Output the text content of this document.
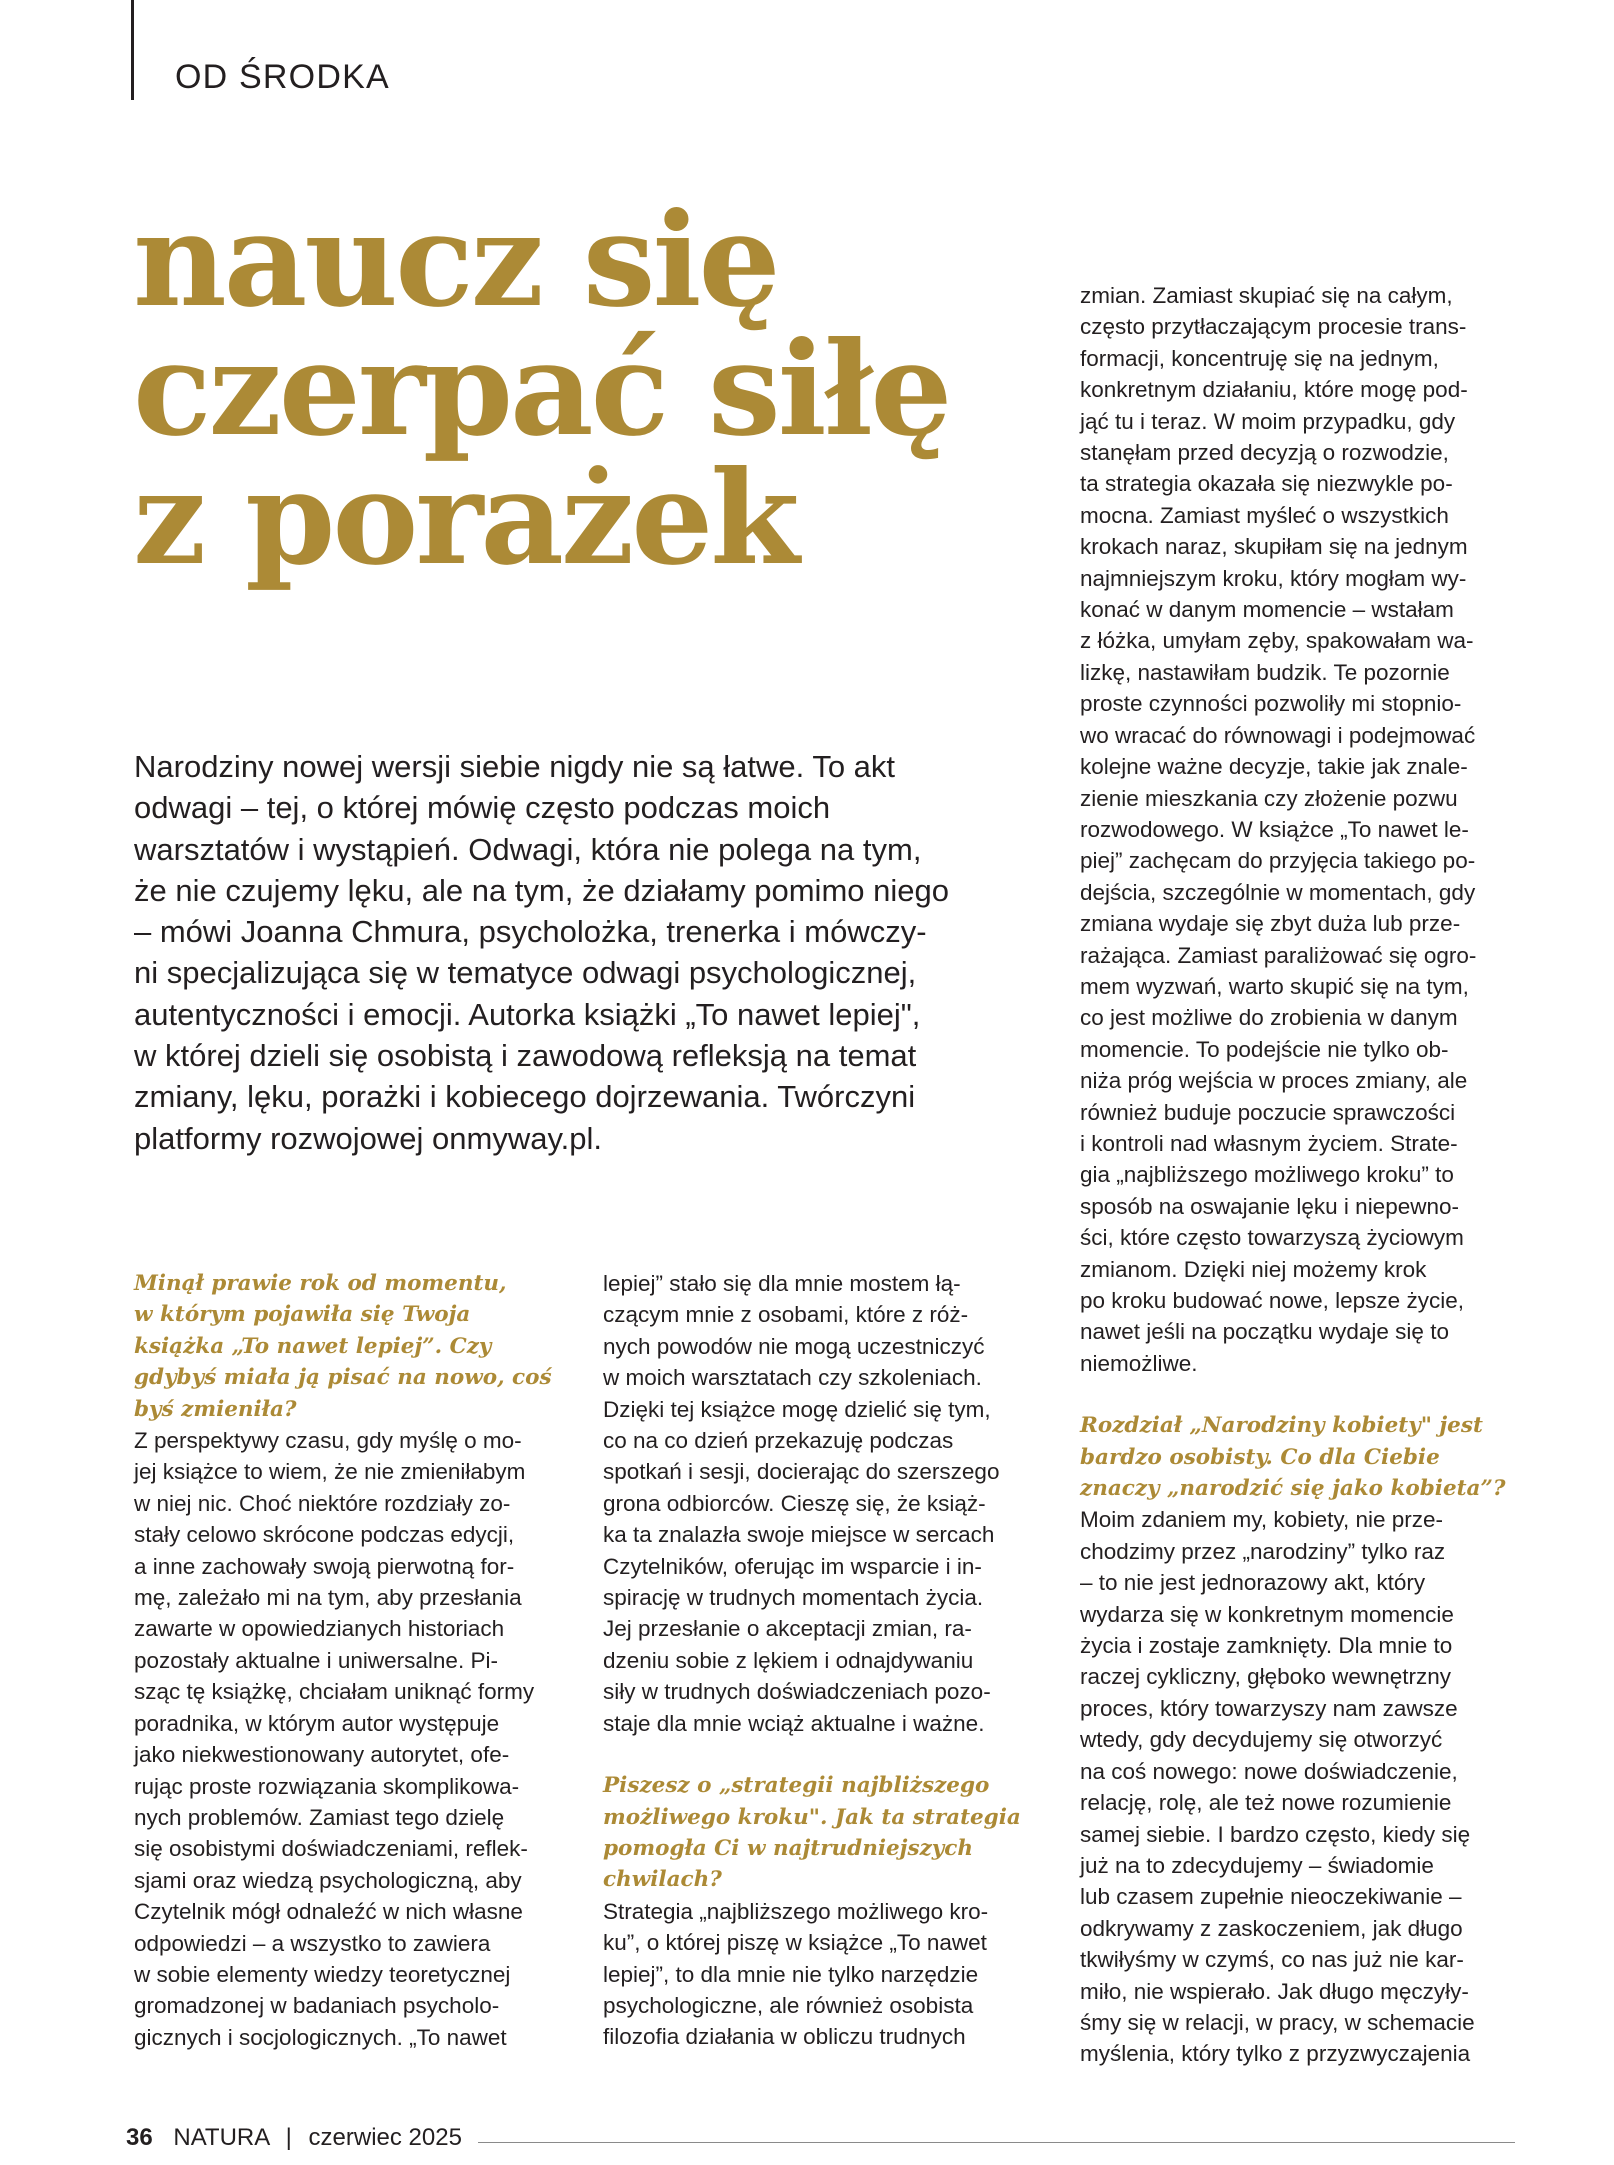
OD ŚRODKA
naucz się
czerpać siłę
z porażek
Narodziny nowej wersji siebie nigdy nie są łatwe. To akt
odwagi – tej, o której mówię często podczas moich
warsztatów i wystąpień. Odwagi, która nie polega na tym,
że nie czujemy lęku, ale na tym, że działamy pomimo niego
– mówi Joanna Chmura, psycholożka, trenerka i mówczy-
ni specjalizująca się w tematyce odwagi psychologicznej,
autentyczności i emocji. Autorka książki „To nawet lepiej",
w której dzieli się osobistą i zawodową refleksją na temat
zmiany, lęku, porażki i kobiecego dojrzewania. Twórczyni
platformy rozwojowej onmyway.pl.
Minął prawie rok od momentu,
w którym pojawiła się Twoja
książka „To nawet lepiej”. Czy
gdybyś miała ją pisać na nowo, coś
byś zmieniła?
Z perspektywy czasu, gdy myślę o mo-
jej książce to wiem, że nie zmieniłabym
w niej nic. Choć niektóre rozdziały zo-
stały celowo skrócone podczas edycji,
a inne zachowały swoją pierwotną for-
mę, zależało mi na tym, aby przesłania
zawarte w opowiedzianych historiach
pozostały aktualne i uniwersalne. Pi-
sząc tę książkę, chciałam uniknąć formy
poradnika, w którym autor występuje
jako niekwestionowany autorytet, ofe-
rując proste rozwiązania skomplikowa-
nych problemów. Zamiast tego dzielę
się osobistymi doświadczeniami, reflek-
sjami oraz wiedzą psychologiczną, aby
Czytelnik mógł odnaleźć w nich własne
odpowiedzi – a wszystko to zawiera
w sobie elementy wiedzy teoretycznej
gromadzonej w badaniach psycholo-
gicznych i socjologicznych. „To nawet
lepiej” stało się dla mnie mostem łą-
czącym mnie z osobami, które z róż-
nych powodów nie mogą uczestniczyć
w moich warsztatach czy szkoleniach.
Dzięki tej książce mogę dzielić się tym,
co na co dzień przekazuję podczas
spotkań i sesji, docierając do szerszego
grona odbiorców. Cieszę się, że książ-
ka ta znalazła swoje miejsce w sercach
Czytelników, oferując im wsparcie i in-
spirację w trudnych momentach życia.
Jej przesłanie o akceptacji zmian, ra-
dzeniu sobie z lękiem i odnajdywaniu
siły w trudnych doświadczeniach pozo-
staje dla mnie wciąż aktualne i ważne.
Piszesz o „strategii najbliższego
możliwego kroku". Jak ta strategia
pomogła Ci w najtrudniejszych
chwilach?
Strategia „najbliższego możliwego kro-
ku”, o której piszę w książce „To nawet
lepiej”, to dla mnie nie tylko narzędzie
psychologiczne, ale również osobista
filozofia działania w obliczu trudnych
zmian. Zamiast skupiać się na całym,
często przytłaczającym procesie trans-
formacji, koncentruję się na jednym,
konkretnym działaniu, które mogę pod-
jąć tu i teraz. W moim przypadku, gdy
stanęłam przed decyzją o rozwodzie,
ta strategia okazała się niezwykle po-
mocna. Zamiast myśleć o wszystkich
krokach naraz, skupiłam się na jednym
najmniejszym kroku, który mogłam wy-
konać w danym momencie – wstałam
z łóżka, umyłam zęby, spakowałam wa-
lizkę, nastawiłam budzik. Te pozornie
proste czynności pozwoliły mi stopnio-
wo wracać do równowagi i podejmować
kolejne ważne decyzje, takie jak znale-
zienie mieszkania czy złożenie pozwu
rozwodowego. W książce „To nawet le-
piej” zachęcam do przyjęcia takiego po-
dejścia, szczególnie w momentach, gdy
zmiana wydaje się zbyt duża lub prze-
rażająca. Zamiast paraliżować się ogro-
mem wyzwań, warto skupić się na tym,
co jest możliwe do zrobienia w danym
momencie. To podejście nie tylko ob-
niża próg wejścia w proces zmiany, ale
również buduje poczucie sprawczości
i kontroli nad własnym życiem. Strate-
gia „najbliższego możliwego kroku” to
sposób na oswajanie lęku i niepewno-
ści, które często towarzyszą życiowym
zmianom. Dzięki niej możemy krok
po kroku budować nowe, lepsze życie,
nawet jeśli na początku wydaje się to
niemożliwe.
Rozdział „Narodziny kobiety" jest
bardzo osobisty. Co dla Ciebie
znaczy „narodzić się jako kobieta”?
Moim zdaniem my, kobiety, nie prze-
chodzimy przez „narodziny” tylko raz
– to nie jest jednorazowy akt, który
wydarza się w konkretnym momencie
życia i zostaje zamknięty. Dla mnie to
raczej cykliczny, głęboko wewnętrzny
proces, który towarzyszy nam zawsze
wtedy, gdy decydujemy się otworzyć
na coś nowego: nowe doświadczenie,
relację, rolę, ale też nowe rozumienie
samej siebie. I bardzo często, kiedy się
już na to zdecydujemy – świadomie
lub czasem zupełnie nieoczekiwanie –
odkrywamy z zaskoczeniem, jak długo
tkwiłyśmy w czymś, co nas już nie kar-
miło, nie wspierało. Jak długo męczyły-
śmy się w relacji, w pracy, w schemacie
myślenia, który tylko z przyzwyczajenia
36 NATURA | czerwiec 2025
